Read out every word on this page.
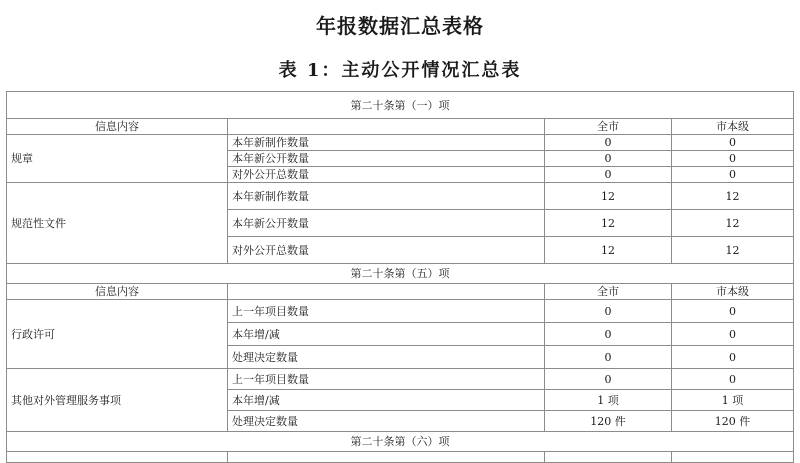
年报数据汇总表格
表 1：主动公开情况汇总表
第二十条第（一）项			
信息内容		全市	市本级
规章	本年新制作数量	0	0
	本年新公开数量	0	0
	对外公开总数量	0	0
规范性文件	本年新制作数量	12	12
	本年新公开数量	12	12
	对外公开总数量	12	12
第二十条第（五）项			
信息内容		全市	市本级
行政许可	上一年项目数量	0	0
	本年增/减	0	0
	处理决定数量	0	0
其他对外管理服务事项	上一年项目数量	0	0
	本年增/减	1 项	1 项
	处理决定数量	120 件	120 件
第二十条第（六）项			
